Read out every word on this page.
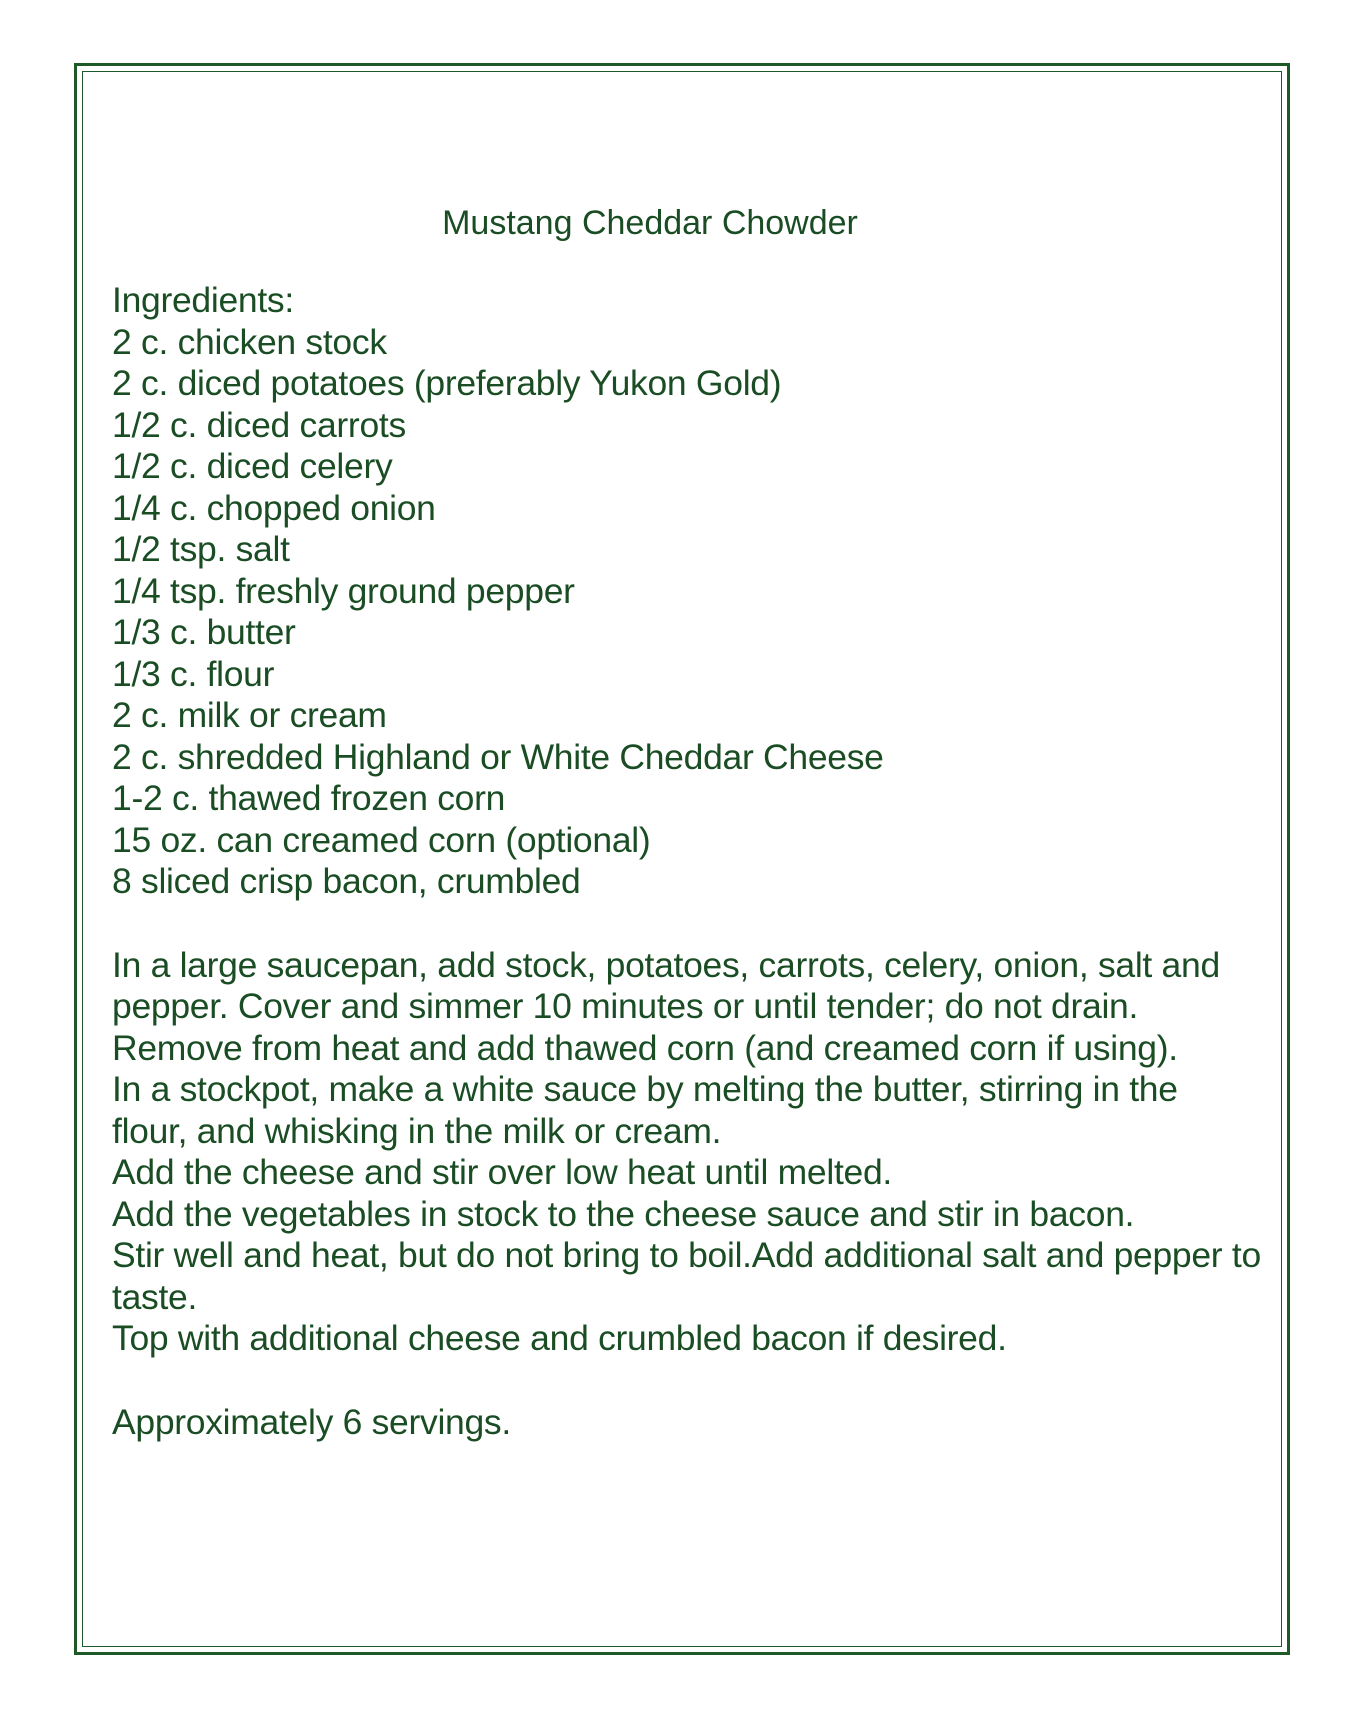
Mustang Cheddar Chowder
Ingredients:
2 c. chicken stock
2 c. diced potatoes (preferably Yukon Gold)
1/2 c. diced carrots
1/2 c. diced celery
1/4 c. chopped onion
1/2 tsp. salt
1/4 tsp. freshly ground pepper
1/3 c. butter
1/3 c. flour
2 c. milk or cream
2 c. shredded Highland or White Cheddar Cheese
1-2 c. thawed frozen corn
15 oz. can creamed corn (optional)
8 sliced crisp bacon, crumbled
In a large saucepan, add stock, potatoes, carrots, celery, onion, salt and pepper. Cover and simmer 10 minutes or until tender; do not drain.
Remove from heat and add thawed corn (and creamed corn if using).
In a stockpot, make a white sauce by melting the butter, stirring in the flour, and whisking in the milk or cream.
Add the cheese and stir over low heat until melted.
Add the vegetables in stock to the cheese sauce and stir in bacon.
Stir well and heat, but do not bring to boil.Add additional salt and pepper to taste.
Top with additional cheese and crumbled bacon if desired.
Approximately 6 servings.
